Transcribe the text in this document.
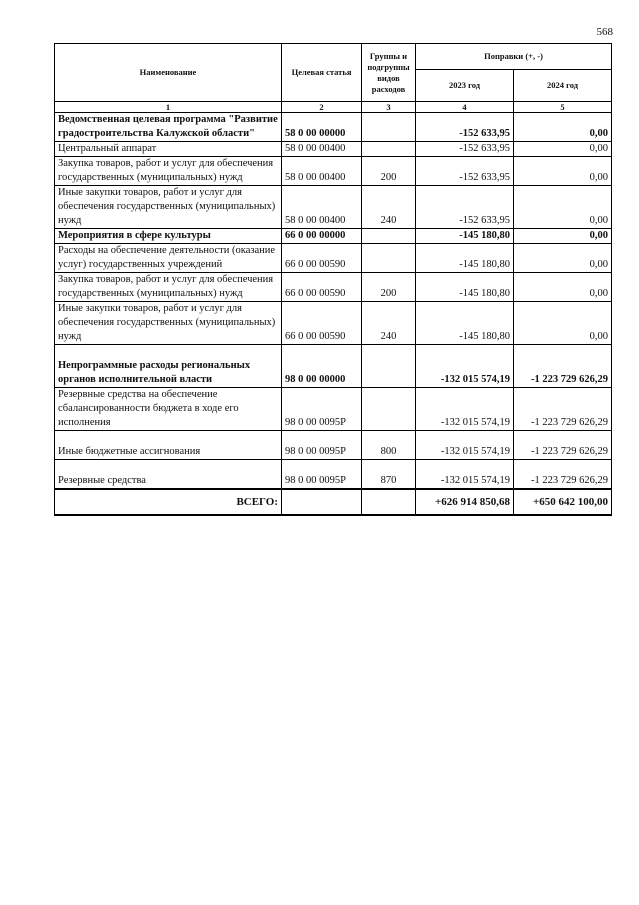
568
Наименование	Целевая статья	Группы и подгруппы видов расходов	Поправки (+, -)	
			2023 год	2024 год
1	2	3	4	5
Ведомственная целевая программа "Развитие градостроительства Калужской области"	58 0 00 00000		-152 633,95	0,00
Центральный аппарат	58 0 00 00400		-152 633,95	0,00
Закупка товаров, работ и услуг для обеспечения государственных (муниципальных) нужд	58 0 00 00400	200	-152 633,95	0,00
Иные закупки товаров, работ и услуг для обеспечения государственных (муниципальных) нужд	58 0 00 00400	240	-152 633,95	0,00
Мероприятия в сфере культуры	66 0 00 00000		-145 180,80	0,00
Расходы на обеспечение деятельности (оказание услуг) государственных учреждений	66 0 00 00590		-145 180,80	0,00
Закупка товаров, работ и услуг для обеспечения государственных (муниципальных) нужд	66 0 00 00590	200	-145 180,80	0,00
Иные закупки товаров, работ и услуг для обеспечения государственных (муниципальных) нужд	66 0 00 00590	240	-145 180,80	0,00
Непрограммные расходы региональных органов исполнительной власти	98 0 00 00000		-132 015 574,19	-1 223 729 626,29
Резервные средства на обеспечение сбалансированности бюджета в ходе его исполнения	98 0 00 0095P		-132 015 574,19	-1 223 729 626,29
Иные бюджетные ассигнования	98 0 00 0095P	800	-132 015 574,19	-1 223 729 626,29
Резервные средства	98 0 00 0095P	870	-132 015 574,19	-1 223 729 626,29
ВСЕГО:			+626 914 850,68	+650 642 100,00
